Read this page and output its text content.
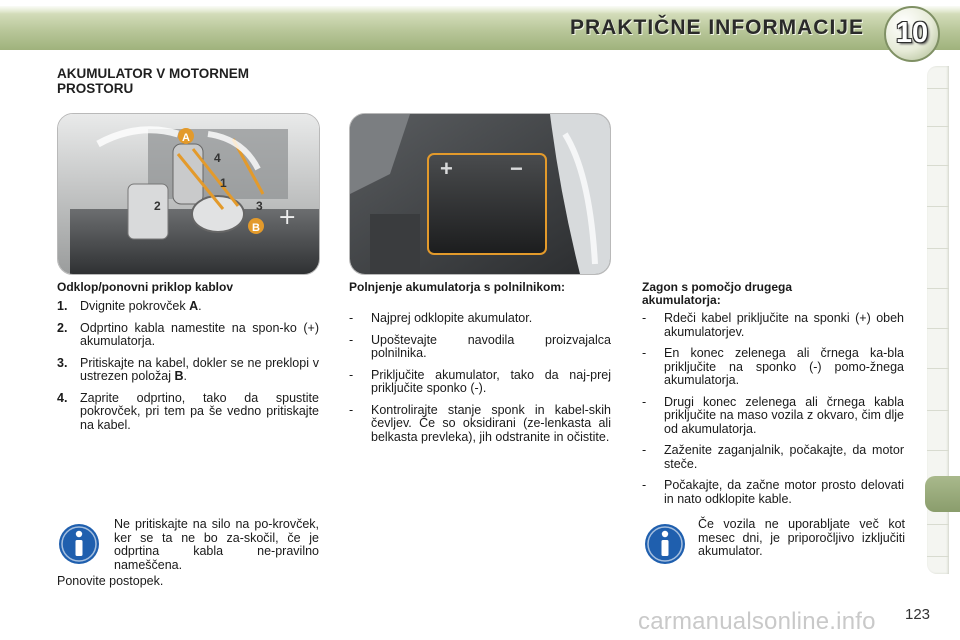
PRAKTIČNE INFORMACIJE	10
AKUMULATOR V MOTORNEM PROSTORU
+
A
B
1
2	3
4	+	−
Odklop/ponovni priklop kablov
1. Dvignite pokrovček A.
2. Odprtino kabla namestite na spon-ko (+) akumulatorja.
3. Pritiskajte na kabel, dokler se ne preklopi v ustrezen položaj B.
4. Zaprite odprtino, tako da spustite pokrovček, pri tem pa še vedno pritiskajte na kabel.
Polnjenje akumulatorja s polnilnikom:
- Najprej odklopite akumulator.
- Upoštevajte navodila proizvajalca polnilnika.
- Priključite akumulator, tako da naj-prej priključite sponko (-).
- Kontrolirajte stanje sponk in kabel-skih čevljev. Če so oksidirani (ze-lenkasta ali belkasta prevleka), jih odstranite in očistite.
Zagon s pomočjo drugega akumulatorja:
- Rdeči kabel priključite na sponki (+) obeh akumulatorjev.
- En konec zelenega ali črnega ka-bla priključite na sponko (-) pomo-žnega akumulatorja.
- Drugi konec zelenega ali črnega kabla priključite na maso vozila z okvaro, čim dlje od akumulatorja.
- Zaženite zaganjalnik, počakajte, da motor steče.
- Počakajte, da začne motor prosto delovati in nato odklopite kable.
Ne pritiskajte na silo na po-krovček, ker se ta ne bo za-skočil, če je odprtina kabla ne-pravilno nameščena.
Ponovite postopek.
Če vozila ne uporabljate več kot mesec dni, je priporočljivo izključiti akumulator.
carmanualsonline.info 123
